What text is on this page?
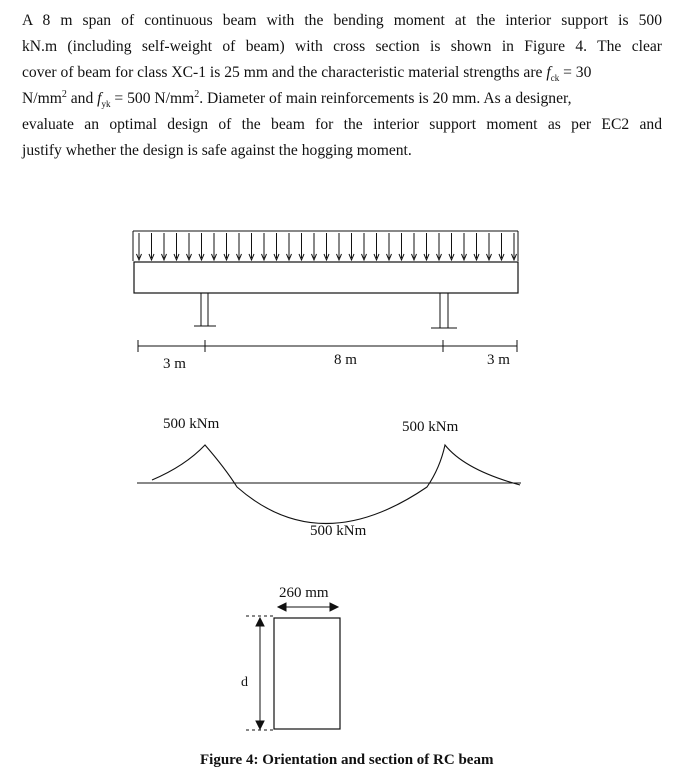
A 8 m span of continuous beam with the bending moment at the interior support is 500
kN.m (including self-weight of beam) with cross section is shown in Figure 4. The clear
cover of beam for class XC-1 is 25 mm and the characteristic material strengths are $f_{ck} = 30$
$N/mm^2$ and $f_{yk} = 500$ $N/mm^2$. Diameter of main reinforcements is 20 mm. As a designer,
evaluate an optimal design of the beam for the interior support moment as per EC2 and
justify whether the design is safe against the hogging moment.
3 m	8 m	3 m
500 kNm	500 kNm
500 kNm
260 mm
d
Figure 4: Orientation and section of RC beam
